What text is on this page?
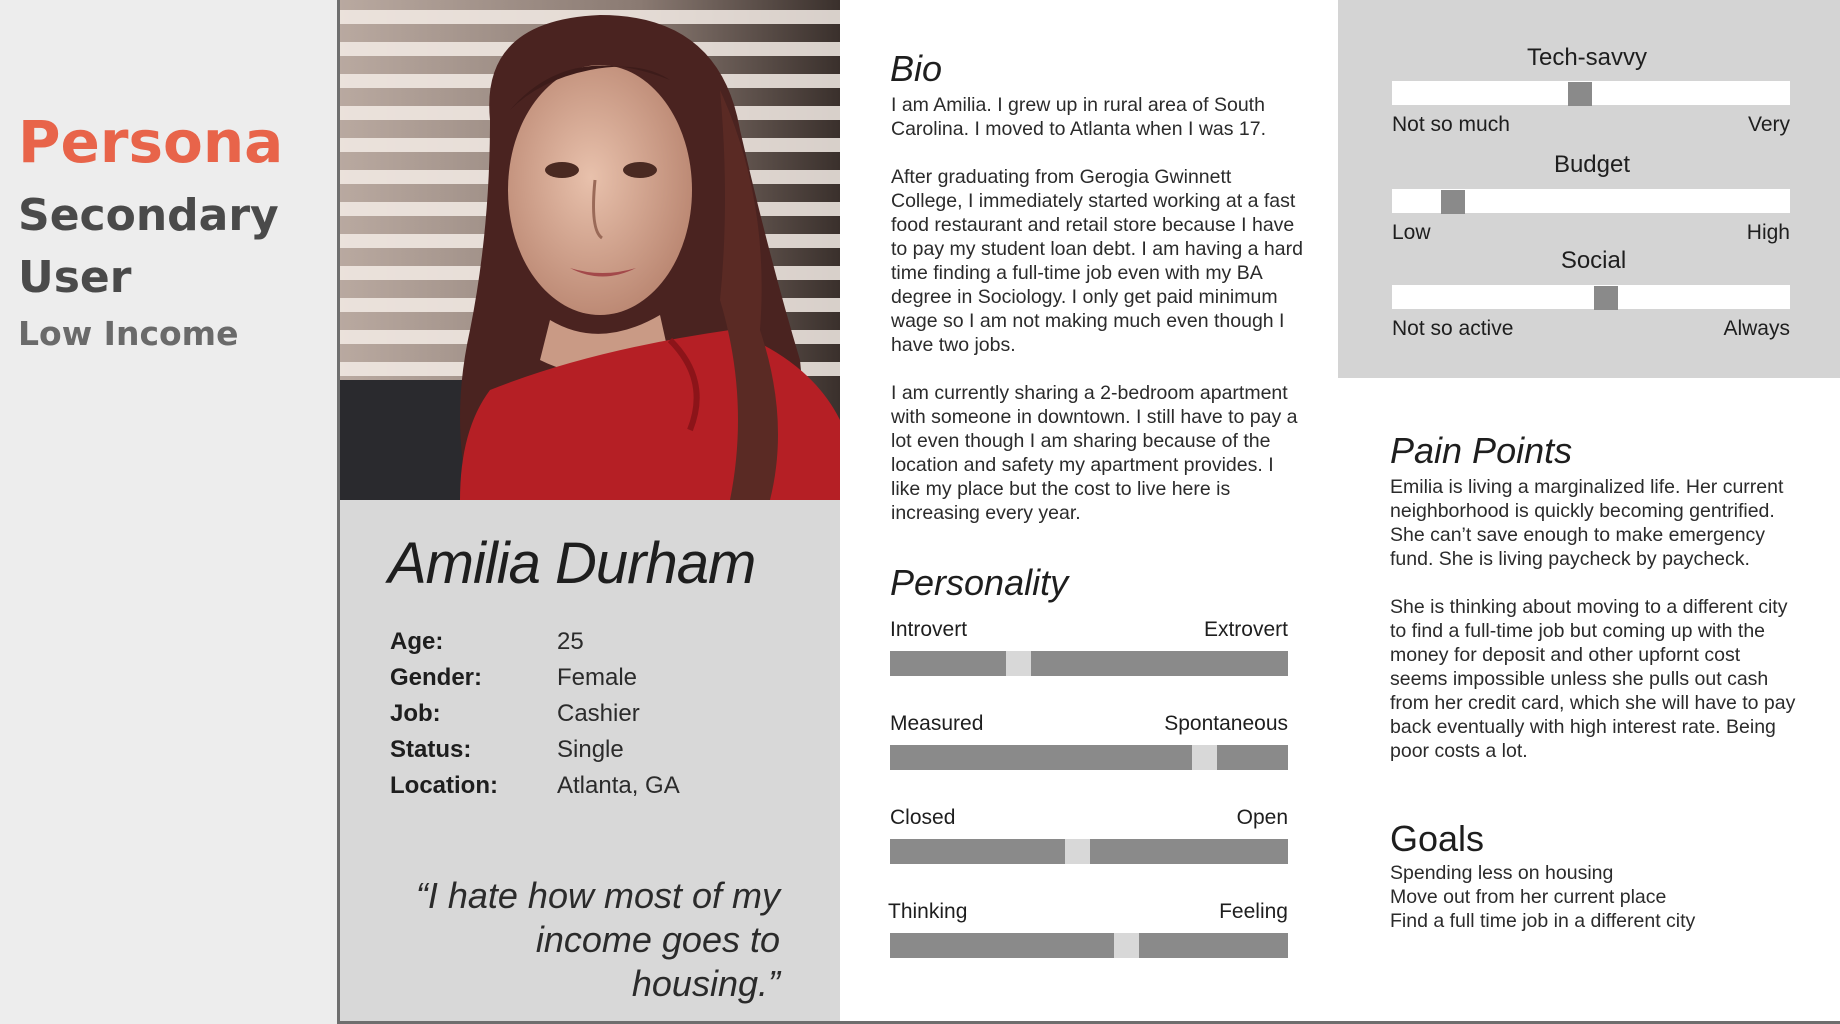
Persona
Secondary
User
Low Income
Amilia Durham
Age:	25
Gender:	Female
Job:	Cashier
Status:	Single
Location: Atlanta, GA
“I hate how most of my
income goes to housing.”
Bio

I am Amilia. I grew up in rural area of South Carolina. I moved to Atlanta when I was 17.

After graduating from Gerogia Gwinnett College, I immediately started working at a fast food restaurant and retail store because I have to pay my student loan debt. I am having a hard time finding a full-time job even with my BA degree in Sociology. I only get paid minimum wage so I am not making much even though I have two jobs.

I am currently sharing a 2-bedroom apartment with someone in downtown. I still have to pay a lot even though I am sharing because of the location and safety my apartment provides. I like my place but the cost to live here is increasing every year.

Personality
Introvert	Extrovert
Measured	Spontaneous
Closed	Open
Thinking	Feeling
Tech-savvy
Not so much	Very
Budget
Low	High
Social
Not so active	Always
Pain Points

Emilia is living a marginalized life. Her current neighborhood is quickly becoming gentrified. She can’t save enough to make emergency fund. She is living paycheck by paycheck.

She is thinking about moving to a different city to find a full-time job but coming up with the money for deposit and other upfornt cost seems impossible unless she pulls out cash from her credit card, which she will have to pay back eventually with high interest rate. Being poor costs a lot.

Goals
Spending less on housing
Move out from her current place
Find a full time job in a different city
